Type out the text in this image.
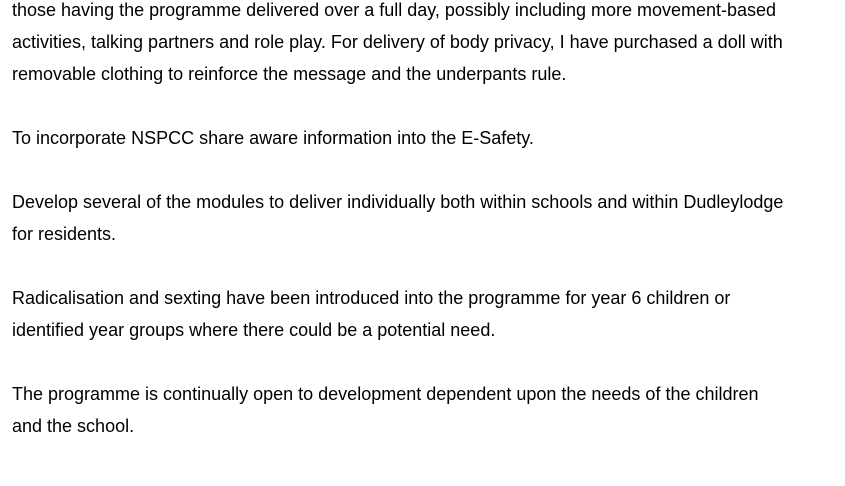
those having the programme delivered over a full day, possibly including more movement-based
activities, talking partners and role play. For delivery of body privacy, I have purchased a doll with
removable clothing to reinforce the message and the underpants rule.

To incorporate NSPCC share aware information into the E-Safety.

Develop several of the modules to deliver individually both within schools and within Dudleylodge
for residents.

Radicalisation and sexting have been introduced into the programme for year 6 children or
identified year groups where there could be a potential need.

The programme is continually open to development dependent upon the needs of the children
and the school.
